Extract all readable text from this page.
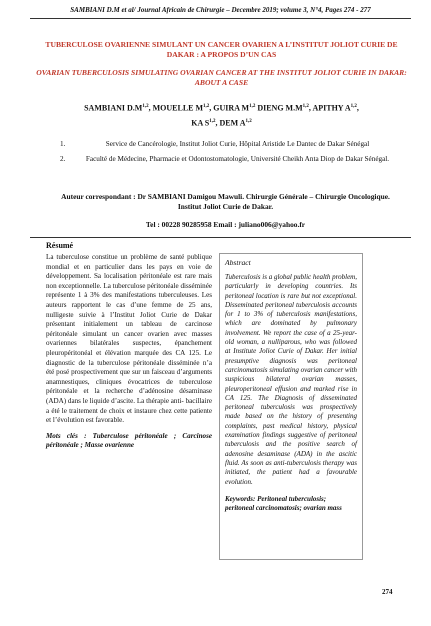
SAMBIANI D.M et al/ Journal Africain de Chirurgie – Decembre 2019; volume 3, N°4, Pages 274 - 277
TUBERCULOSE OVARIENNE SIMULANT UN CANCER OVARIEN A L’INSTITUT JOLIOT CURIE DE DAKAR : A PROPOS D’UN CAS
OVARIAN TUBERCULOSIS SIMULATING OVARIAN CANCER AT THE INSTITUT JOLIOT CURIE IN DAKAR: ABOUT A CASE
SAMBIANI $D.M^{1,2}$, MOUELLE M$^{1,2}$, GUIRA M$^{1,2}$ DIENG $M.M^{1,2}$, APITHY A$^{1,2}$,
KA S$^{1,2}$, DEM A$^{1,2}$
1.	Service de Cancérologie, Institut Joliot Curie, Hôpital Aristide Le Dantec de Dakar Sénégal
2.	Faculté de Médecine, Pharmacie et Odontostomatologie, Université Cheikh Anta Diop de Dakar Sénégal.
Auteur correspondant : Dr SAMBIANI Damigou Mawuli. Chirurgie Générale – Chirurgie Oncologique. Institut Joliot Curie de Dakar.
Tel : 00228 90285958 Email : juliano006@yahoo.fr
Résumé
La tuberculose constitue un problème de santé publique mondial et en particulier dans les pays en voie de développement. Sa localisation péritonéale est rare mais non exceptionnelle. La tuberculose péritonéale disséminée représente 1 à 3% des manifestations tuberculeuses. Les auteurs rapportent le cas d’une femme de 25 ans, nulligeste suivie à l’Institut Joliot Curie de Dakar présentant initialement un tableau de carcinose péritonéale simulant un cancer ovarien avec masses ovariennes bilatérales suspectes, épanchement pleuropéritonéal et élévation marquée des CA 125. Le diagnostic de la tuberculose péritonéale disséminée n’a été posé prospectivement que sur un faisceau d’arguments anamnestiques, cliniques évocatrices de tuberculose péritonéale et la recherche d’adénosine désaminase (ADA) dans le liquide d’ascite. La thérapie anti- bacillaire a été le traitement de choix et instaure chez cette patiente et l’évolution est favorable.
Mots clés : Tuberculose péritonéale ; Carcinose péritonéale ; Masse ovarienne
Abstract
Tuberculosis is a global public health problem, particularly in developing countries. Its peritoneal location is rare but not exceptional. Disseminated peritoneal tuberculosis accounts for 1 to 3% of tuberculosis manifestations, which are dominated by pulmonary involvement. We report the case of a 25-year-old woman, a nulliparous, who was followed at Institute Joliot Curie of Dakar. Her initial presumptive diagnosis was peritoneal carcinomatosis simulating ovarian cancer with suspicious bilateral ovarian masses, pleuroperitoneal effusion and marked rise in CA 125. The Diagnosis of disseminated peritoneal tuberculosis was prospectively made based on the history of presenting complaints, past medical history, physical examination findings suggestive of peritoneal tuberculosis and the positive search of adenosine desaminase (ADA) in the ascitic fluid. As soon as anti-tuberculosis therapy was initiated, the patient had a favourable evolution.
Keywords: Peritoneal tuberculosis; peritoneal carcinomatosis; ovarian mass
274
